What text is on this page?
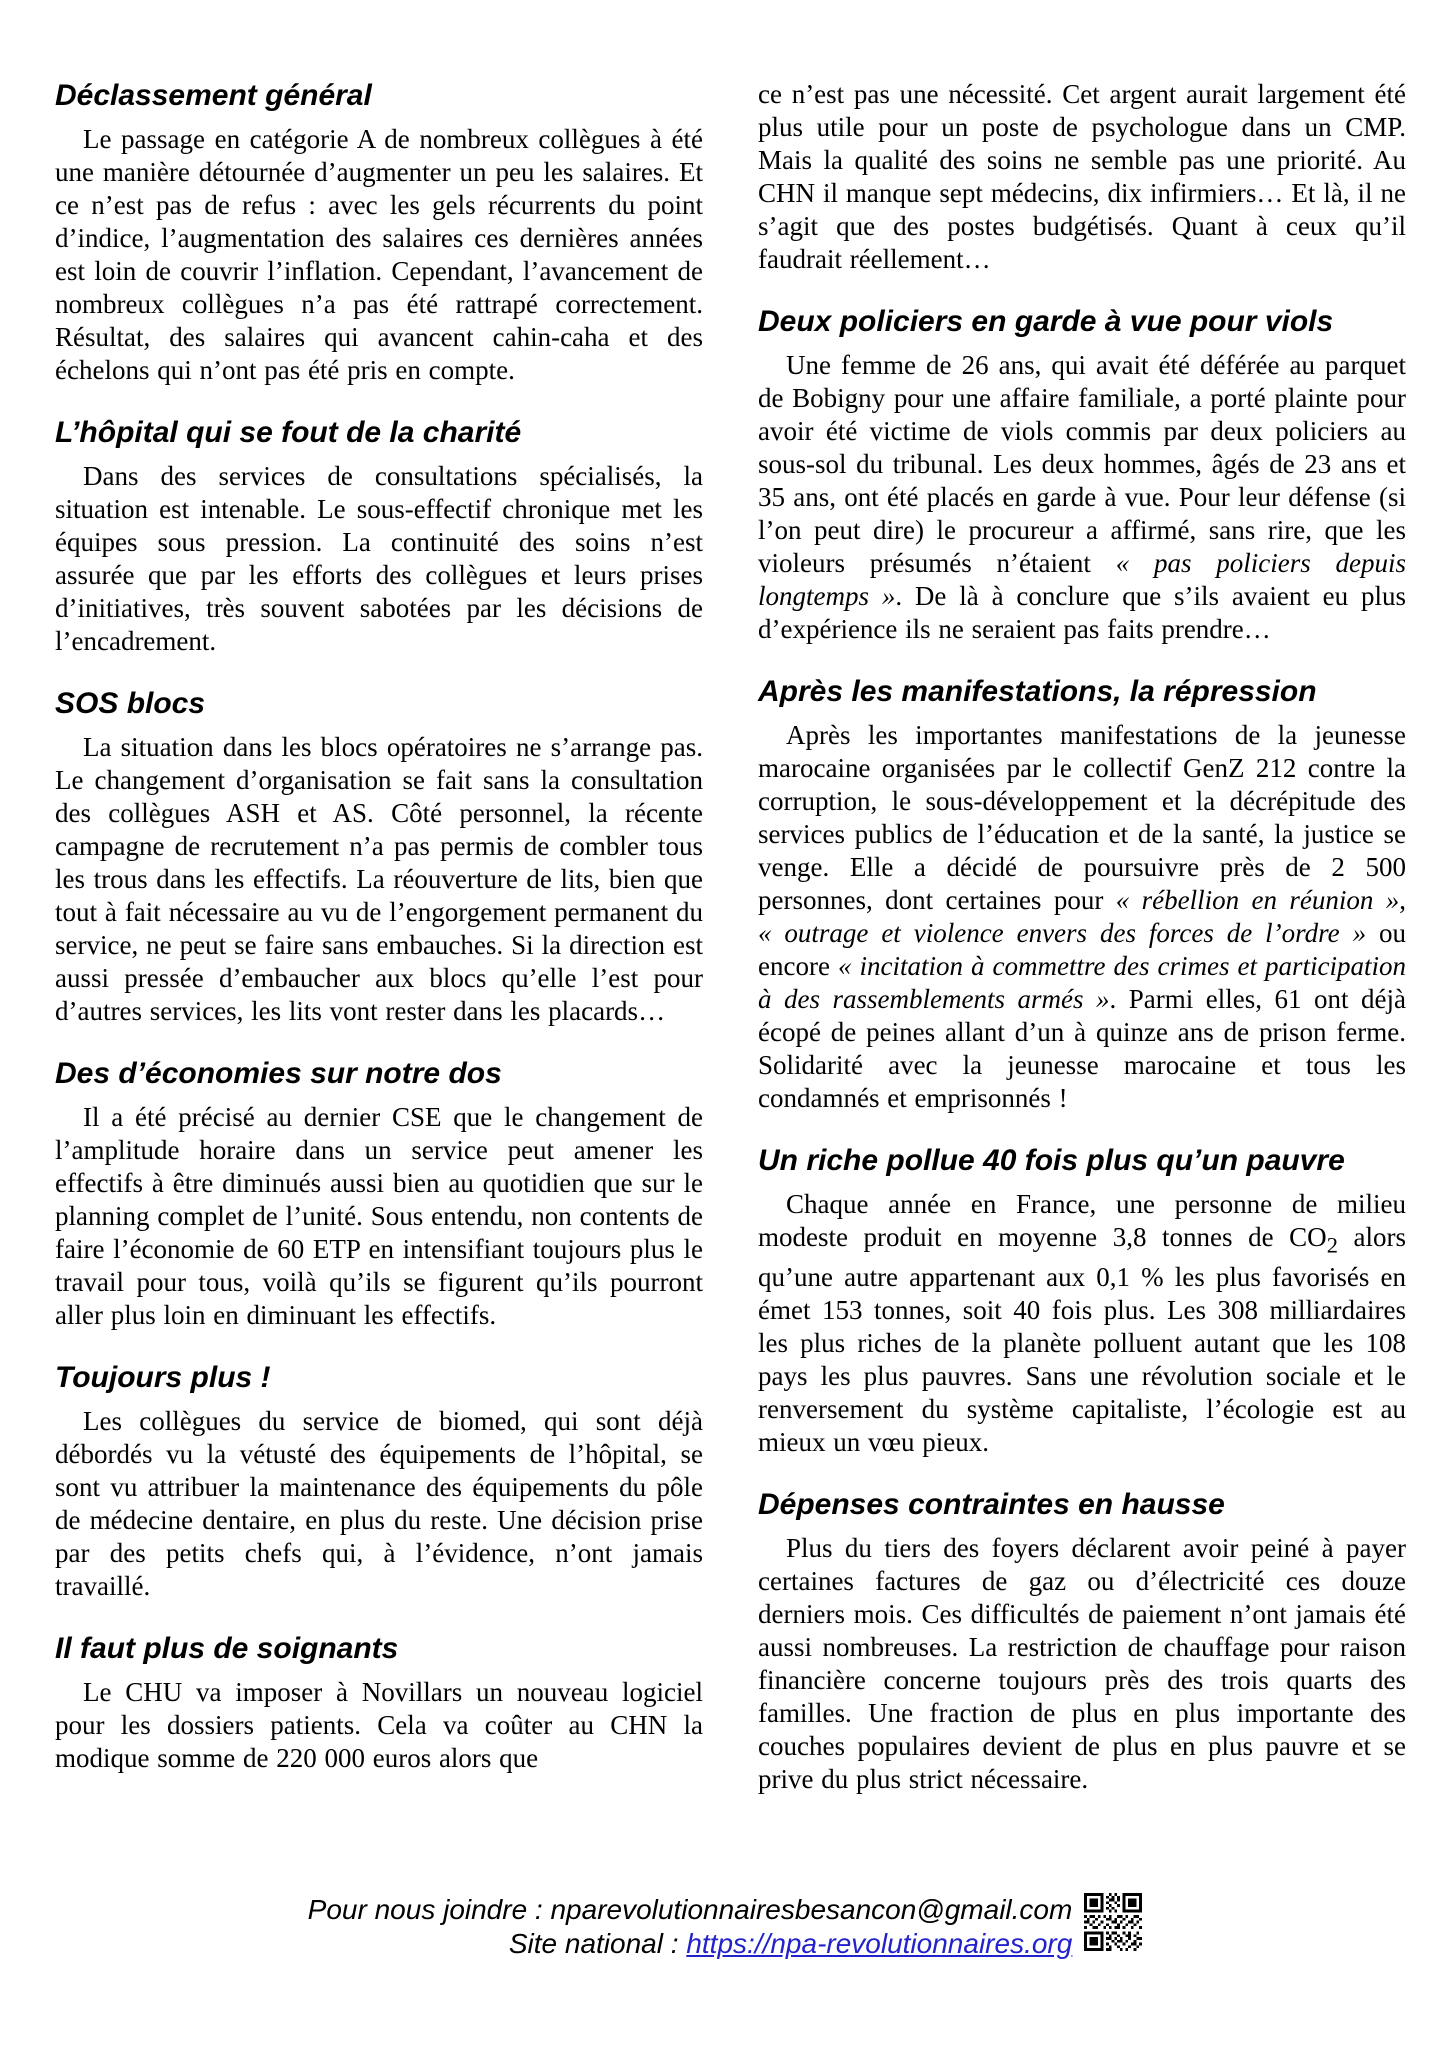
Déclassement général

Le passage en catégorie A de nombreux collègues à été une manière détournée d’augmenter un peu les salaires. Et ce n’est pas de refus : avec les gels récurrents du point d’indice, l’augmentation des salaires ces dernières années est loin de couvrir l’inflation. Cependant, l’avancement de nombreux collègues n’a pas été rattrapé correctement. Résultat, des salaires qui avancent cahin-caha et des échelons qui n’ont pas été pris en compte.

L’hôpital qui se fout de la charité

Dans des services de consultations spécialisés, la situation est intenable. Le sous-effectif chronique met les équipes sous pression. La continuité des soins n’est assurée que par les efforts des collègues et leurs prises d’initiatives, très souvent sabotées par les décisions de l’encadrement.

SOS blocs

La situation dans les blocs opératoires ne s’arrange pas. Le changement d’organisation se fait sans la consultation des collègues ASH et AS. Côté personnel, la récente campagne de recrutement n’a pas permis de combler tous les trous dans les effectifs. La réouverture de lits, bien que tout à fait nécessaire au vu de l’engorgement permanent du service, ne peut se faire sans embauches. Si la direction est aussi pressée d’embaucher aux blocs qu’elle l’est pour d’autres services, les lits vont rester dans les placards…

Des d’économies sur notre dos

Il a été précisé au dernier CSE que le changement de l’amplitude horaire dans un service peut amener les effectifs à être diminués aussi bien au quotidien que sur le planning complet de l’unité. Sous entendu, non contents de faire l’économie de 60 ETP en intensifiant toujours plus le travail pour tous, voilà qu’ils se figurent qu’ils pourront aller plus loin en diminuant les effectifs.

Toujours plus !

Les collègues du service de biomed, qui sont déjà débordés vu la vétusté des équipements de l’hôpital, se sont vu attribuer la maintenance des équipements du pôle de médecine dentaire, en plus du reste. Une décision prise par des petits chefs qui, à l’évidence, n’ont jamais travaillé.

Il faut plus de soignants

Le CHU va imposer à Novillars un nouveau logiciel pour les dossiers patients. Cela va coûter au CHN la modique somme de 220 000 euros alors que

ce n’est pas une nécessité. Cet argent aurait largement été plus utile pour un poste de psychologue dans un CMP. Mais la qualité des soins ne semble pas une priorité. Au CHN il manque sept médecins, dix infirmiers… Et là, il ne s’agit que des postes budgétisés. Quant à ceux qu’il faudrait réellement…

Deux policiers en garde à vue pour viols

Une femme de 26 ans, qui avait été déférée au parquet de Bobigny pour une affaire familiale, a porté plainte pour avoir été victime de viols commis par deux policiers au sous-sol du tribunal. Les deux hommes, âgés de 23 ans et 35 ans, ont été placés en garde à vue. Pour leur défense (si l’on peut dire) le procureur a affirmé, sans rire, que les violeurs présumés n’étaient « pas policiers depuis longtemps ». De là à conclure que s’ils avaient eu plus d’expérience ils ne seraient pas faits prendre…

Après les manifestations, la répression

Après les importantes manifestations de la jeunesse marocaine organisées par le collectif GenZ 212 contre la corruption, le sous-développement et la décrépitude des services publics de l’éducation et de la santé, la justice se venge. Elle a décidé de poursuivre près de 2 500 personnes, dont certaines pour « rébellion en réunion », « outrage et violence envers des forces de l’ordre » ou encore « incitation à commettre des crimes et participation à des rassemblements armés ». Parmi elles, 61 ont déjà écopé de peines allant d’un à quinze ans de prison ferme. Solidarité avec la jeunesse marocaine et tous les condamnés et emprisonnés !

Un riche pollue 40 fois plus qu’un pauvre

Chaque année en France, une personne de milieu modeste produit en moyenne 3,8 tonnes de $CO_2$ alors qu’une autre appartenant aux 0,1 % les plus favorisés en émet 153 tonnes, soit 40 fois plus. Les 308 milliardaires les plus riches de la planète polluent autant que les 108 pays les plus pauvres. Sans une révolution sociale et le renversement du système capitaliste, l’écologie est au mieux un vœu pieux.

Dépenses contraintes en hausse

Plus du tiers des foyers déclarent avoir peiné à payer certaines factures de gaz ou d’électricité ces douze derniers mois. Ces difficultés de paiement n’ont jamais été aussi nombreuses. La restriction de chauffage pour raison financière concerne toujours près des trois quarts des familles. Une fraction de plus en plus importante des couches populaires devient de plus en plus pauvre et se prive du plus strict nécessaire.

Pour nous joindre : nparevolutionnairesbesancon@gmail.com
Site national : https://npa-revolutionnaires.org
